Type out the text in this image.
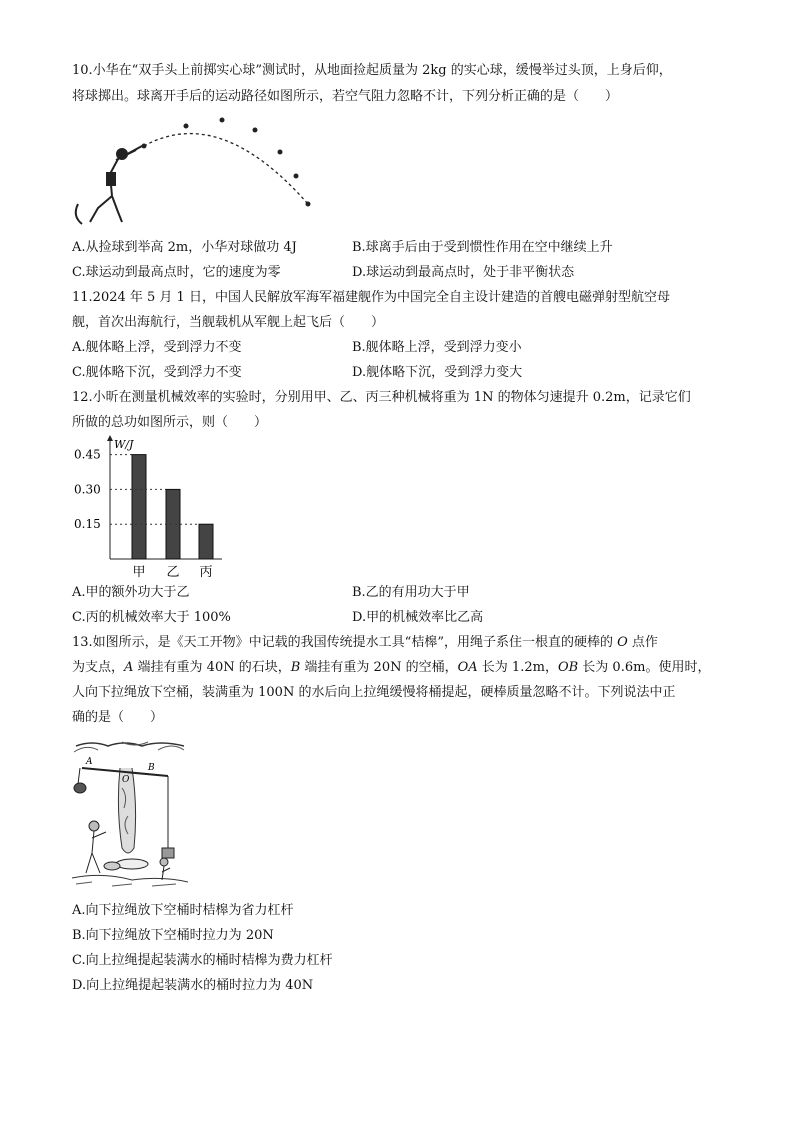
10.小华在“双手头上前掷实心球”测试时，从地面捡起质量为 2kg 的实心球，缓慢举过头顶，上身后仰，
将球掷出。球离开手后的运动路径如图所示，若空气阻力忽略不计，下列分析正确的是（　　）
A.从捡球到举高 2m，小华对球做功 4J	B.球离手后由于受到惯性作用在空中继续上升
C.球运动到最高点时，它的速度为零	D.球运动到最高点时，处于非平衡状态
11.2024 年 5 月 1 日，中国人民解放军海军福建舰作为中国完全自主设计建造的首艘电磁弹射型航空母
舰，首次出海航行，当舰载机从军舰上起飞后（　　）
A.舰体略上浮，受到浮力不变	B.舰体略上浮，受到浮力变小
C.舰体略下沉，受到浮力不变	D.舰体略下沉，受到浮力变大
12.小昕在测量机械效率的实验时，分别用甲、乙、丙三种机械将重为 1N 的物体匀速提升 0.2m，记录它们
所做的总功如图所示，则（　　）
W/J
0.15
0.30
0.45
甲 乙 丙
A.甲的额外功大于乙	B.乙的有用功大于甲
C.丙的机械效率大于 100%	D.甲的机械效率比乙高
13.如图所示，是《天工开物》中记载的我国传统提水工具“桔槔”，用绳子系住一根直的硬棒的 O 点作
为支点，A 端挂有重为 40N 的石块，B 端挂有重为 20N 的空桶，OA 长为 1.2m，OB 长为 0.6m。使用时，
人向下拉绳放下空桶，装满重为 100N 的水后向上拉绳缓慢将桶提起，硬棒质量忽略不计。下列说法中正
确的是（　　）
A
O
B
A.向下拉绳放下空桶时桔槔为省力杠杆
B.向下拉绳放下空桶时拉力为 20N
C.向上拉绳提起装满水的桶时桔槔为费力杠杆
D.向上拉绳提起装满水的桶时拉力为 40N
